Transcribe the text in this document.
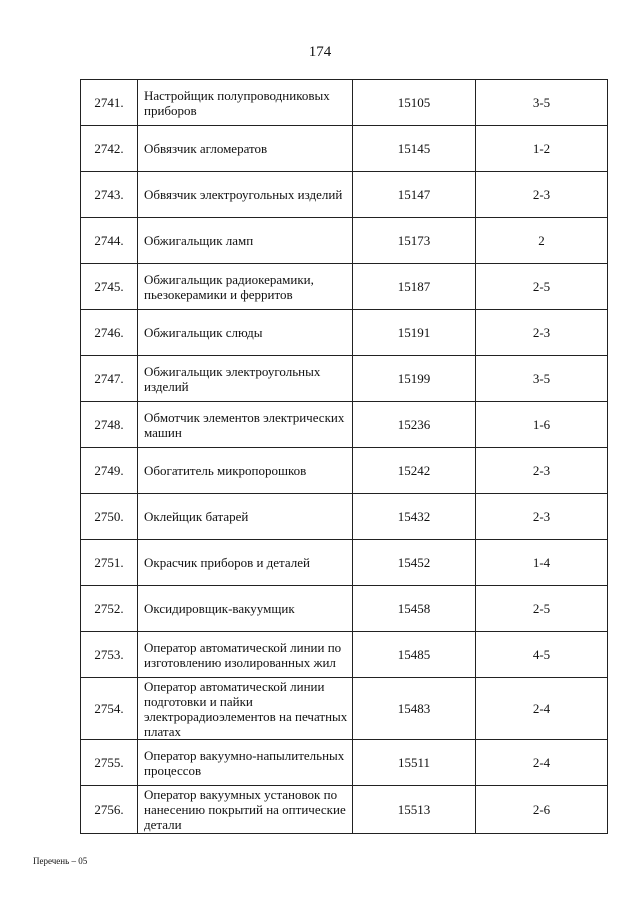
174
2741.	Настройщик полупроводниковых приборов	15105	3-5
2742.	Обвязчик агломератов	15145	1-2
2743.	Обвязчик электроугольных изделий	15147	2-3
2744.	Обжигальщик ламп	15173	2
2745.	Обжигальщик радиокерамики, пьезокерамики и ферритов	15187	2-5
2746.	Обжигальщик слюды	15191	2-3
2747.	Обжигальщик электроугольных изделий	15199	3-5
2748.	Обмотчик элементов электрических машин	15236	1-6
2749.	Обогатитель микропорошков	15242	2-3
2750.	Оклейщик батарей	15432	2-3
2751.	Окрасчик приборов и деталей	15452	1-4
2752.	Оксидировщик-вакуумщик	15458	2-5
2753.	Оператор автоматической линии по изготовлению изолированных жил	15485	4-5
2754.	Оператор автоматической линии подготовки и пайки электрорадиоэлементов на печатных платах	15483	2-4
2755.	Оператор вакуумно-напылительных процессов	15511	2-4
2756.	Оператор вакуумных установок по нанесению покрытий на оптические детали	15513	2-6
Перечень – 05
